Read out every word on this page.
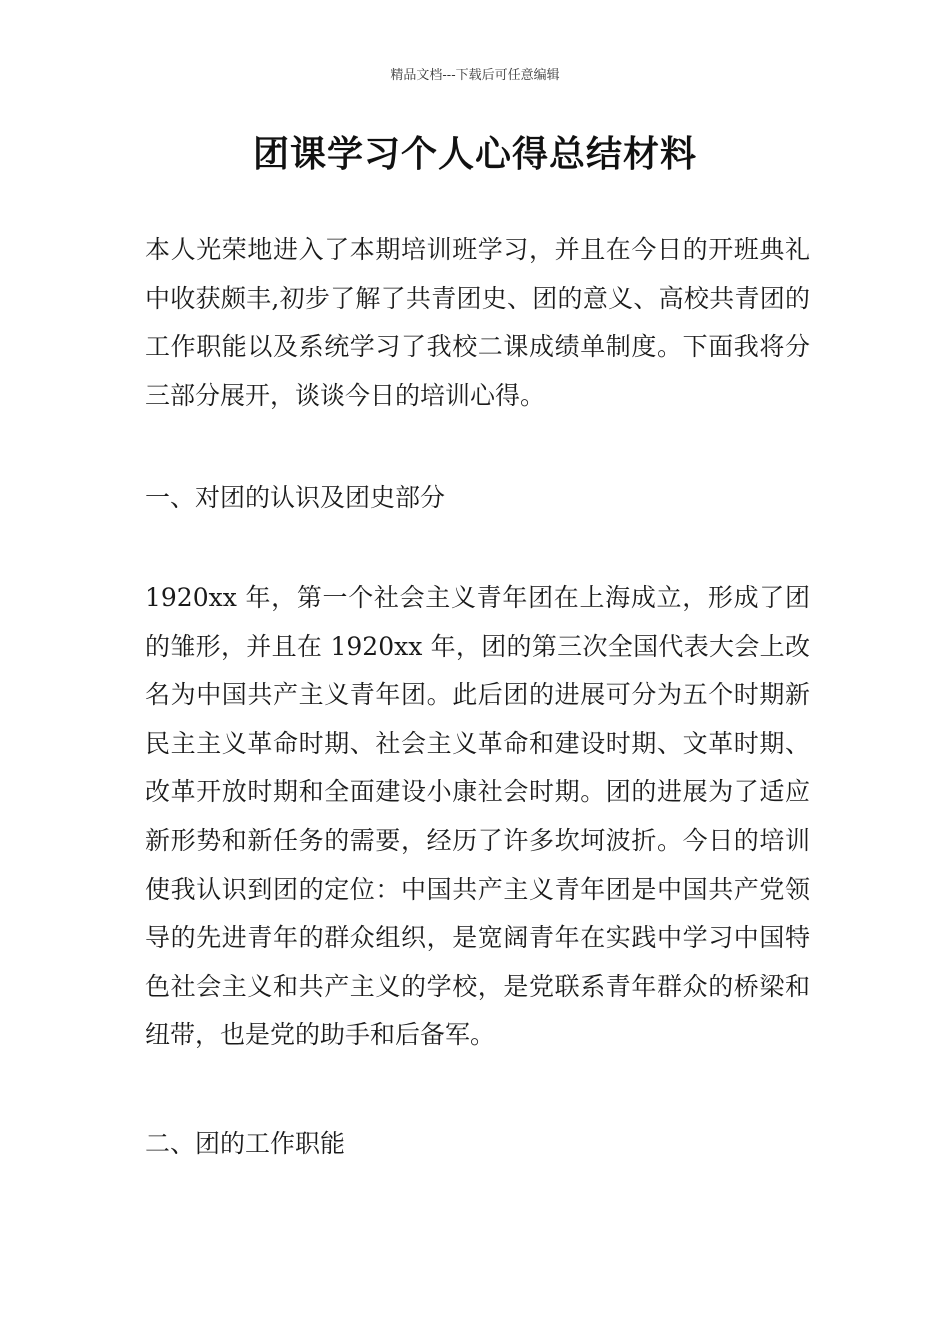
精品文档---下载后可任意编辑
团课学习个人心得总结材料

本人光荣地进入了本期培训班学习，并且在今日的开班典礼中收获颇丰,初步了解了共青团史、团的意义、高校共青团的工作职能以及系统学习了我校二课成绩单制度。下面我将分三部分展开，谈谈今日的培训心得。

一、对团的认识及团史部分

1920xx 年，第一个社会主义青年团在上海成立，形成了团的雏形，并且在 1920xx 年，团的第三次全国代表大会上改名为中国共产主义青年团。此后团的进展可分为五个时期新民主主义革命时期、社会主义革命和建设时期、文革时期、改革开放时期和全面建设小康社会时期。团的进展为了适应新形势和新任务的需要，经历了许多坎坷波折。今日的培训使我认识到团的定位：中国共产主义青年团是中国共产党领导的先进青年的群众组织，是宽阔青年在实践中学习中国特色社会主义和共产主义的学校，是党联系青年群众的桥梁和纽带，也是党的助手和后备军。

二、团的工作职能
